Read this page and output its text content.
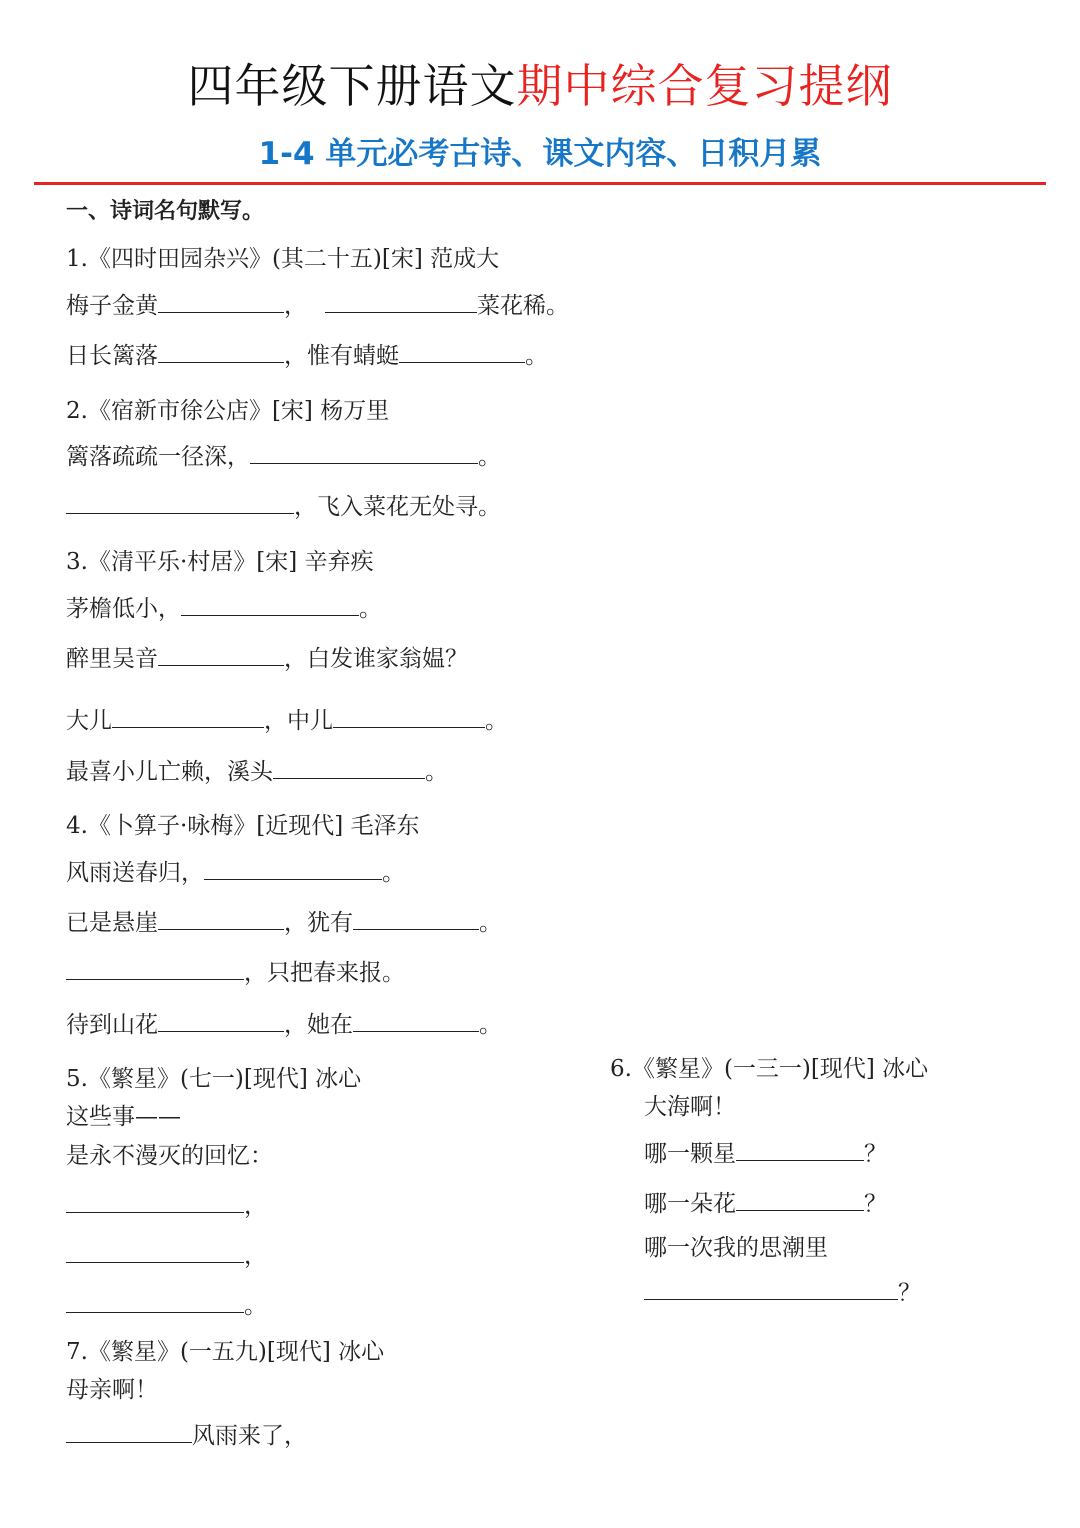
四年级下册语文期中综合复习提纲
1-4 单元必考古诗、课文内容、日积月累
一、诗词名句默写。
1.《四时田园杂兴》(其二十五)[宋] 范成大
梅子金黄	，	菜花稀。
日长篱落	，惟有蜻蜓	。
2.《宿新市徐公店》[宋] 杨万里
篱落疏疏一径深，	。
，飞入菜花无处寻。
3.《清平乐·村居》[宋] 辛弃疾
茅檐低小，	。
醉里吴音	，白发谁家翁媪？
大儿	，中儿	。
最喜小儿亡赖，溪头	。
4.《卜算子·咏梅》[近现代] 毛泽东
风雨送春归，	。
已是悬崖	，犹有	。
，只把春来报。
待到山花	，她在	。
5.《繁星》(七一)[现代] 冰心
这些事——
是永不漫灭的回忆：
，
，
。
6.《繁星》(一三一)[现代] 冰心
大海啊！
哪一颗星	？
哪一朵花	？
哪一次我的思潮里
？
7.《繁星》(一五九)[现代] 冰心
母亲啊！
风雨来了，
